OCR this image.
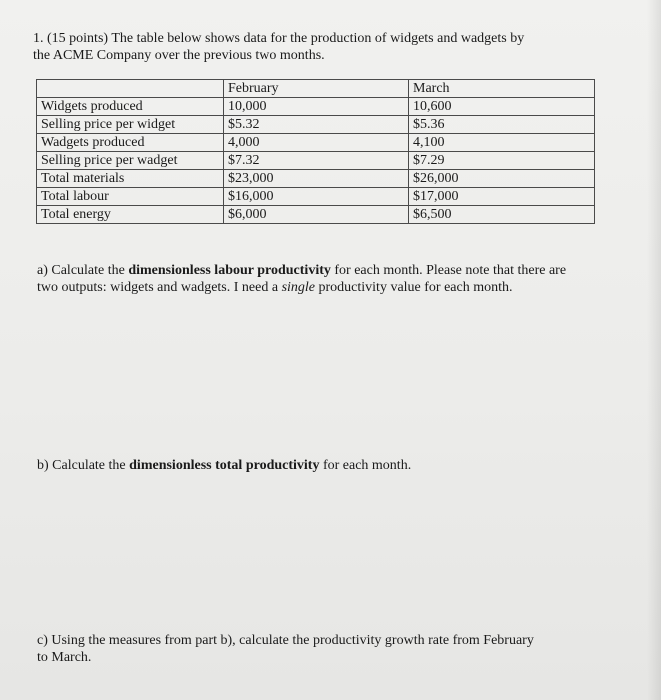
1. (15 points) The table below shows data for the production of widgets and wadgets by
the ACME Company over the previous two months.
	February	March
Widgets produced	10,000	10,600
Selling price per widget	$5.32	$5.36
Wadgets produced	4,000	4,100
Selling price per wadget	$7.32	$7.29
Total materials	$23,000	$26,000
Total labour	$16,000	$17,000
Total energy	$6,000	$6,500
a) Calculate the dimensionless labour productivity for each month. Please note that there are two outputs: widgets and wadgets. I need a single productivity value for each month.
b) Calculate the dimensionless total productivity for each month.
c) Using the measures from part b), calculate the productivity growth rate from February
to March.
